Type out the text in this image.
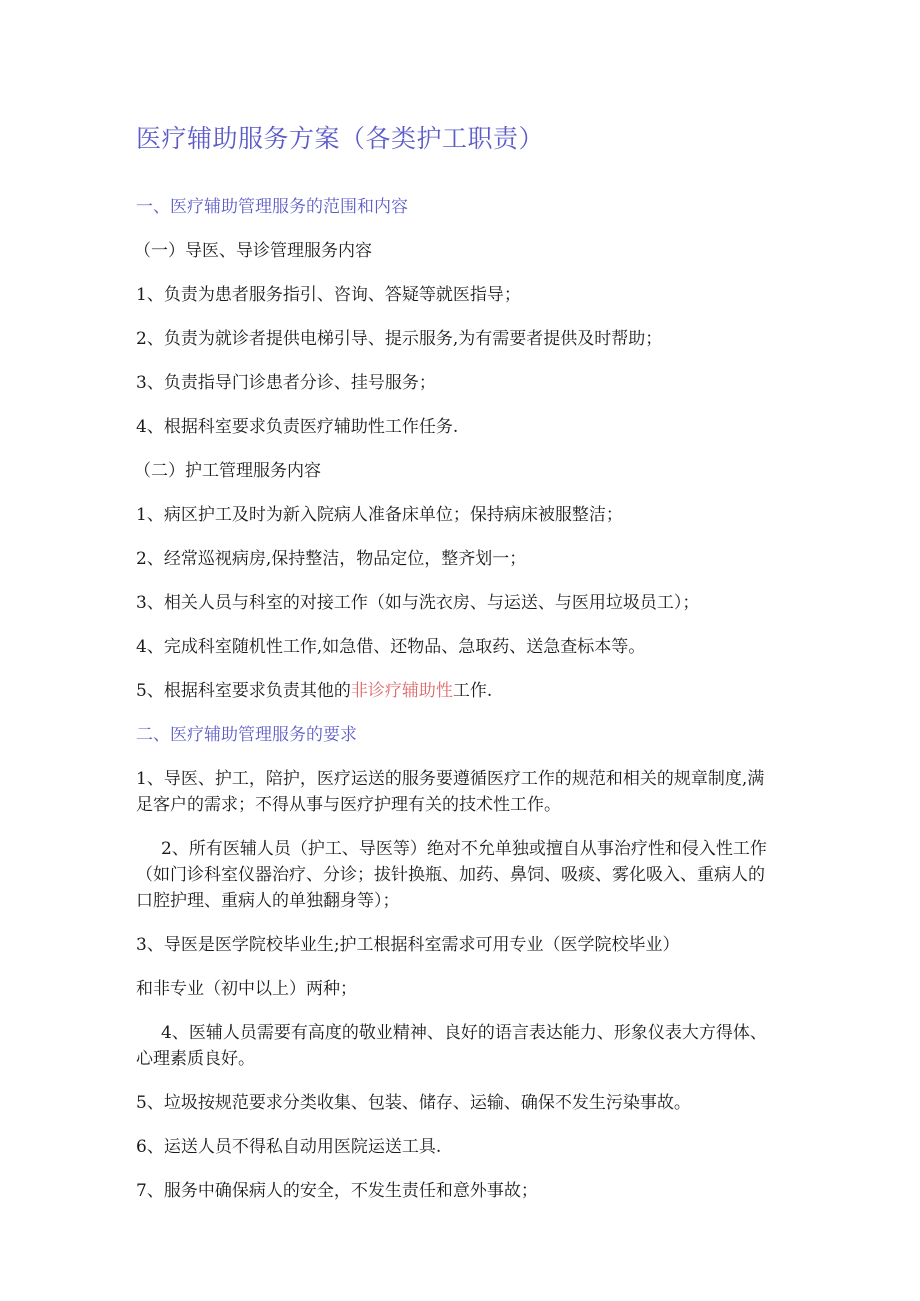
医疗辅助服务方案（各类护工职责）
一、医疗辅助管理服务的范围和内容
（一）导医、导诊管理服务内容
1、负责为患者服务指引、咨询、答疑等就医指导；
2、负责为就诊者提供电梯引导、提示服务,为有需要者提供及时帮助；
3、负责指导门诊患者分诊、挂号服务；
4、根据科室要求负责医疗辅助性工作任务.
（二）护工管理服务内容
1、病区护工及时为新入院病人准备床单位；保持病床被服整洁；
2、经常巡视病房,保持整洁，物品定位，整齐划一；
3、相关人员与科室的对接工作（如与洗衣房、与运送、与医用垃圾员工）；
4、完成科室随机性工作,如急借、还物品、急取药、送急查标本等。
5、根据科室要求负责其他的非诊疗辅助性工作.
二、医疗辅助管理服务的要求
1、导医、护工，陪护，医疗运送的服务要遵循医疗工作的规范和相关的规章制度,满足客户的需求；不得从事与医疗护理有关的技术性工作。
2、所有医辅人员（护工、导医等）绝对不允单独或擅自从事治疗性和侵入性工作（如门诊科室仪器治疗、分诊；拔针换瓶、加药、鼻饲、吸痰、雾化吸入、重病人的口腔护理、重病人的单独翻身等）；
3、导医是医学院校毕业生;护工根据科室需求可用专业（医学院校毕业）
和非专业（初中以上）两种；
4、医辅人员需要有高度的敬业精神、良好的语言表达能力、形象仪表大方得体、心理素质良好。
5、垃圾按规范要求分类收集、包装、储存、运输、确保不发生污染事故。
6、运送人员不得私自动用医院运送工具.
7、服务中确保病人的安全，不发生责任和意外事故；
